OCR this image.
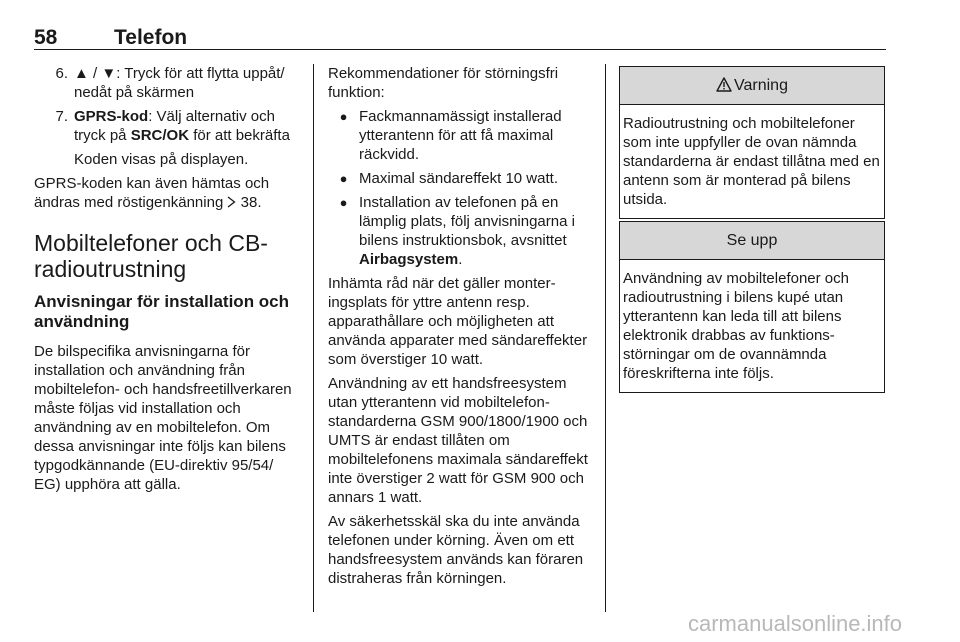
58	Telefon
6. ▲ / ▼: Tryck för att flytta uppåt/ nedåt på skärmen
7. GPRS-kod: Välj alternativ och tryck på SRC/OK för att bekräfta
Koden visas på displayen.
GPRS-koden kan även hämtas och ändras med röstigenkänning 38.
Mobiltelefoner och CB-radioutrustning
Anvisningar för installation och användning
De bilspecifika anvisningarna för installation och användning från mobiltelefon- och handsfreetillverkaren måste följas vid installation och användning av en mobiltelefon. Om dessa anvisningar inte följs kan bilens typgodkännande (EU-direktiv 95/54/ EG) upphöra att gälla.
Rekommendationer för störningsfri funktion:
● Fackmannamässigt installerad ytterantenn för att få maximal räckvidd.
● Maximal sändareffekt 10 watt.
● Installation av telefonen på en lämplig plats, följ anvisningarna i bilens instruktionsbok, avsnittet Airbagsystem.
Inhämta råd när det gäller monteringsplats för yttre antenn resp. apparathållare och möjligheten att använda apparater med sändareffekter som överstiger 10 watt.
Användning av ett handsfreesystem utan ytterantenn vid mobiltelefonstandarderna GSM 900/1800/1900 och UMTS är endast tillåten om mobiltelefonens maximala sändareffekt inte överstiger 2 watt för GSM 900 och annars 1 watt.
Av säkerhetsskäl ska du inte använda telefonen under körning. Även om ett handsfreesystem används kan föraren distraheras från körningen.
Varning
Radioutrustning och mobiltelefoner som inte uppfyller de ovan nämnda standarderna är endast tillåtna med en antenn som är monterad på bilens utsida.
Se upp
Användning av mobiltelefoner och radioutrustning i bilens kupé utan ytterantenn kan leda till att bilens elektronik drabbas av funktionsstörningar om de ovannämnda föreskrifterna inte följs.
carmanualsonline.info
